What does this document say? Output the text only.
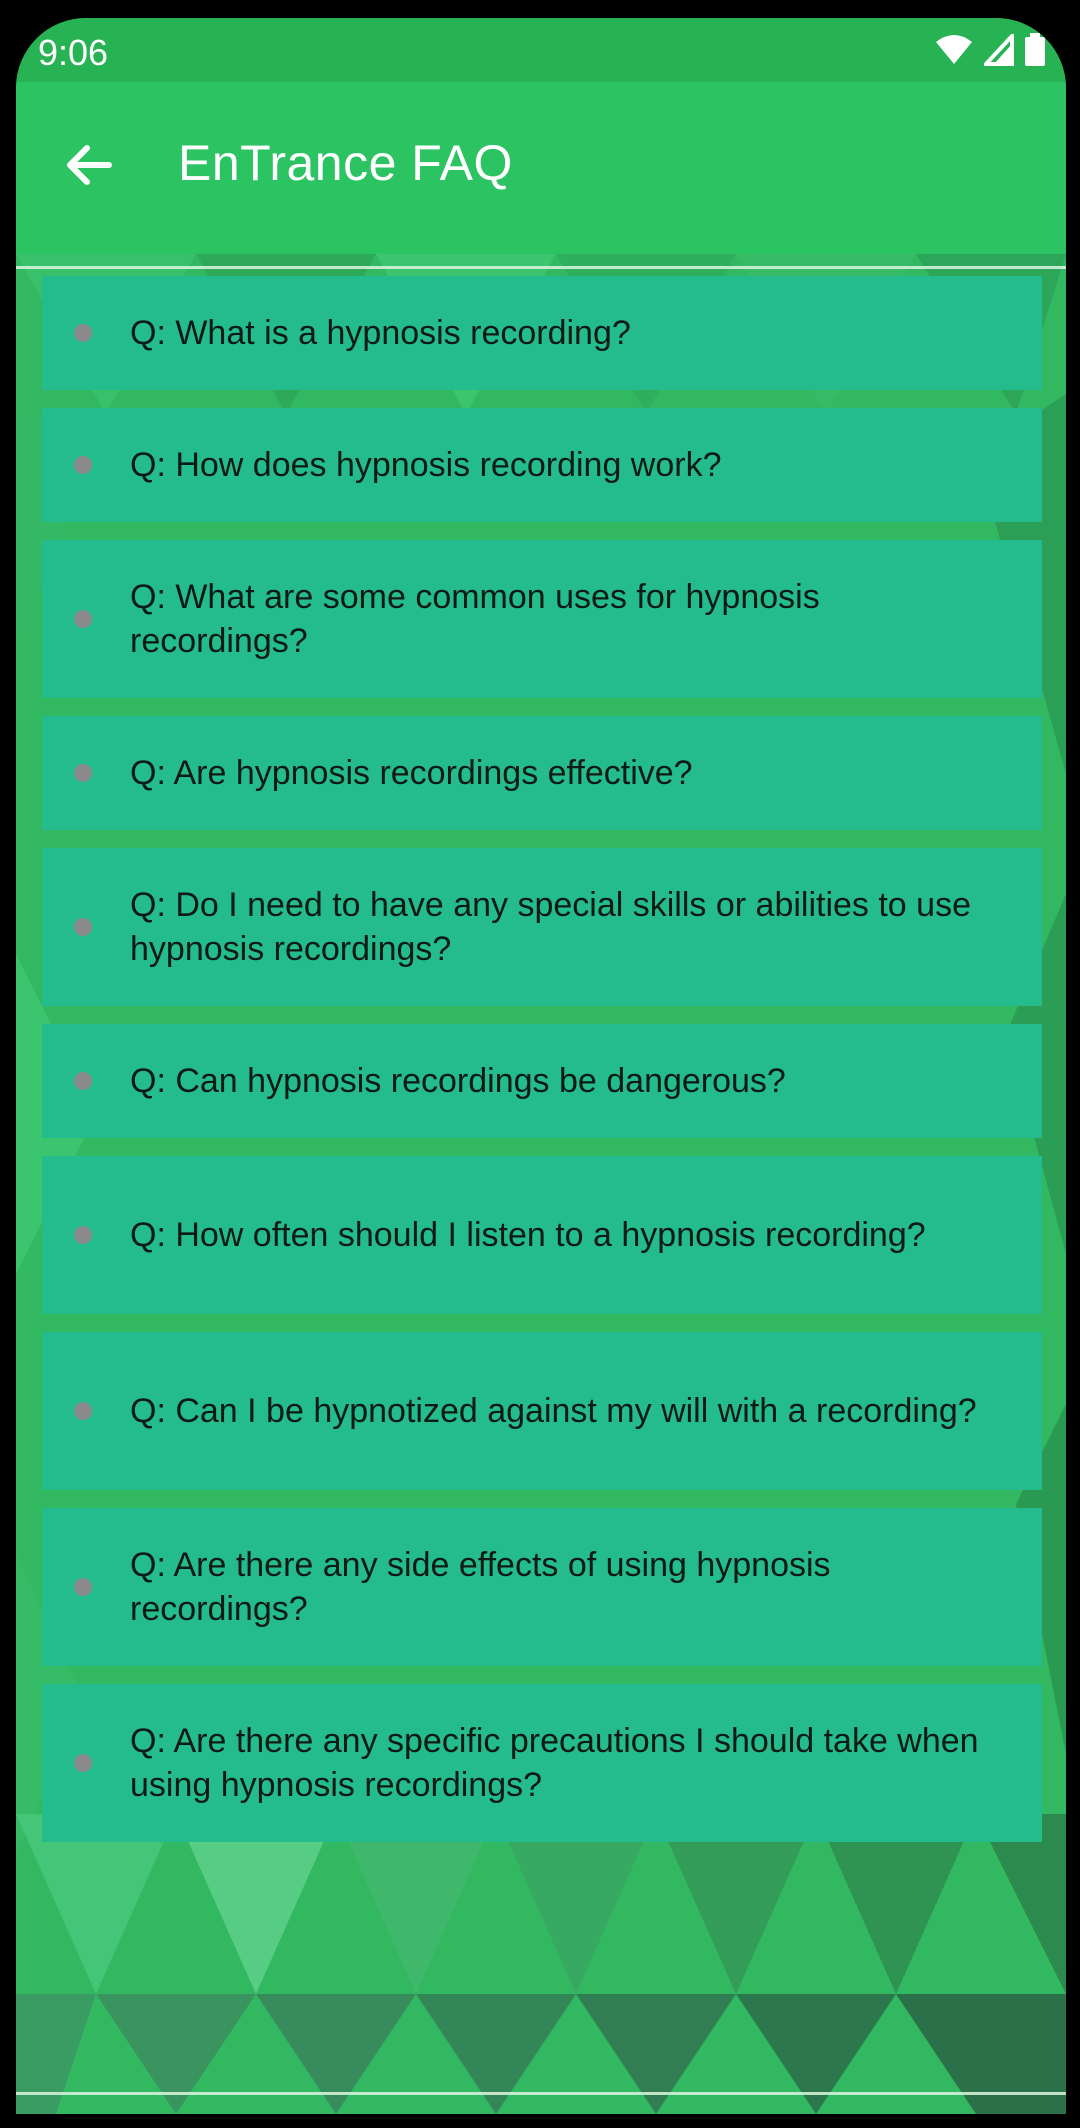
9:06
EnTrance FAQ
Q: What is a hypnosis recording?
Q: How does hypnosis recording work?
Q: What are some common uses for hypnosis recordings?
Q: Are hypnosis recordings effective?
Q: Do I need to have any special skills or abilities to use hypnosis recordings?
Q: Can hypnosis recordings be dangerous?
Q: How often should I listen to a hypnosis recording?
Q: Can I be hypnotized against my will with a recording?
Q: Are there any side effects of using hypnosis recordings?
Q: Are there any specific precautions I should take when using hypnosis recordings?
